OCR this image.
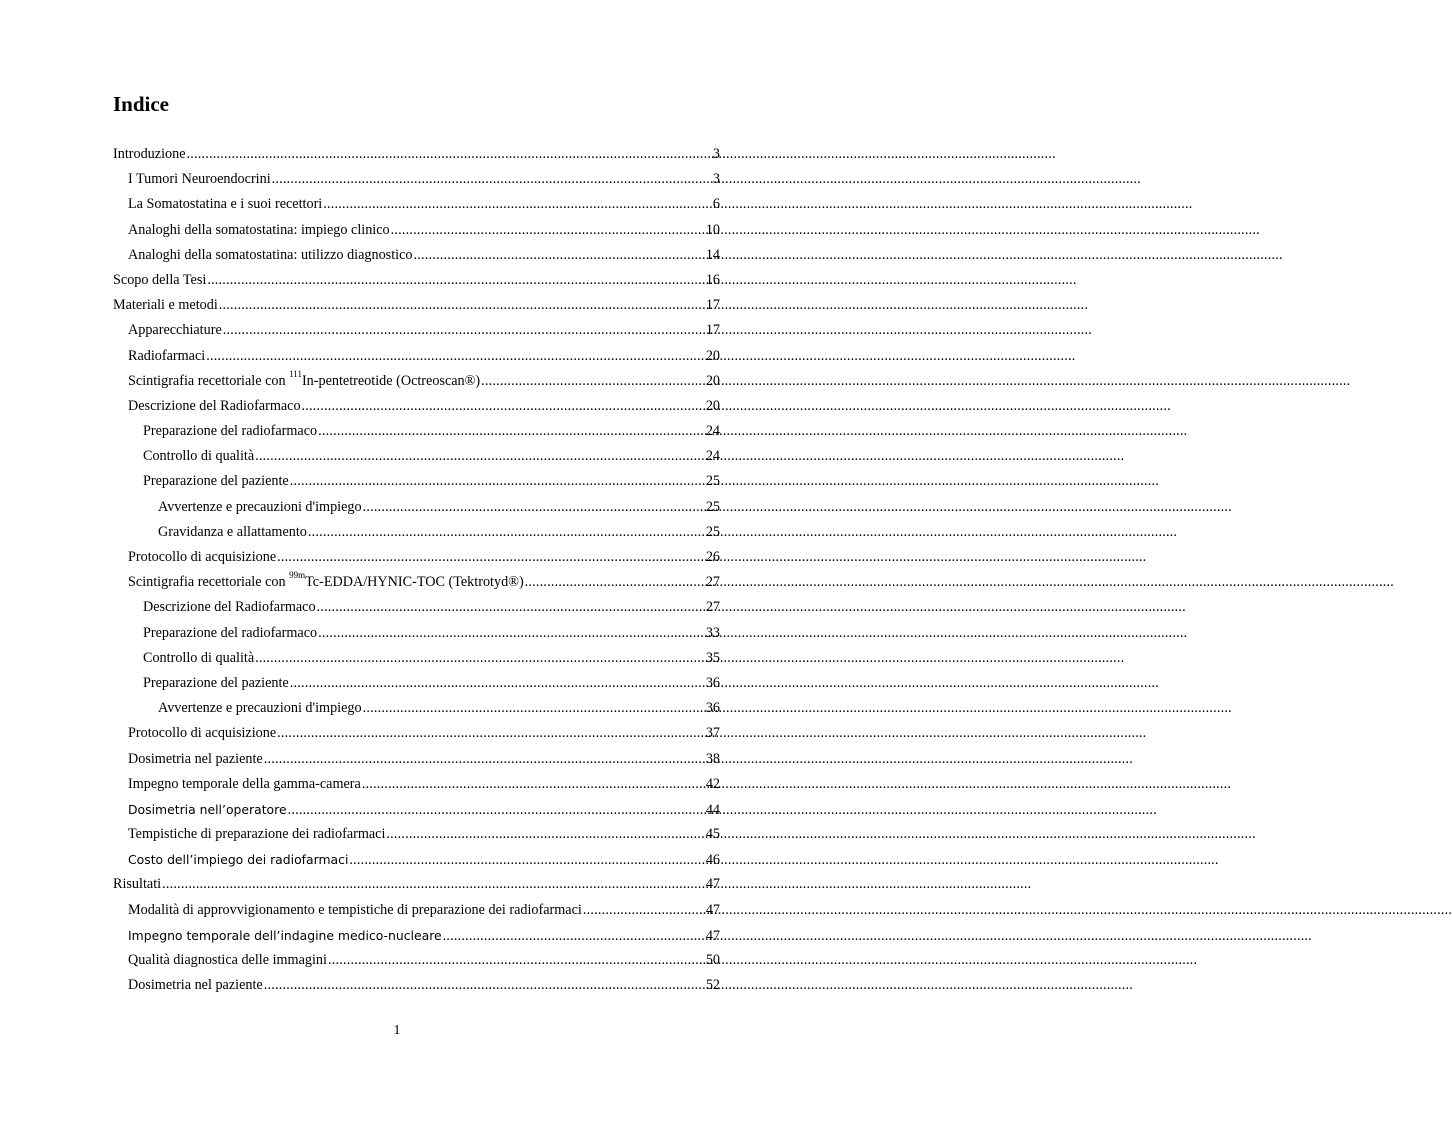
Indice
Introduzione .....	3
I Tumori Neuroendocrini .....	3
La Somatostatina e i suoi recettori .....	6
Analoghi della somatostatina: impiego clinico .....	10
Analoghi della somatostatina: utilizzo diagnostico .....	14
Scopo della Tesi .....	16
Materiali e metodi .....	17
Apparecchiature .....	17
Radiofarmaci .....	20
Scintigrafia recettoriale con $^{111}$In-pentetreotide (Octreoscan®) .....	20
Descrizione del Radiofarmaco .....	20
Preparazione del radiofarmaco .....	24
Controllo di qualità .....	24
Preparazione del paziente .....	25
Avvertenze e precauzioni d'impiego .....	25
Gravidanza e allattamento .....	25
Protocollo di acquisizione .....	26
Scintigrafia recettoriale con $^{99m}$Tc-EDDA/HYNIC-TOC (Tektrotyd®) .....	27
Descrizione del Radiofarmaco .....	27
Preparazione del radiofarmaco .....	33
Controllo di qualità .....	35
Preparazione del paziente .....	36
Avvertenze e precauzioni d'impiego .....	36
Protocollo di acquisizione .....	37
Dosimetria nel paziente .....	38
Impegno temporale della gamma-camera .....	42
Dosimetria nell’operatore .....	44
Tempistiche di preparazione dei radiofarmaci .....	45
Costo dell’impiego dei radiofarmaci .....	46
Risultati .....	47
Modalità di approvvigionamento e tempistiche di preparazione dei radiofarmaci .....	47
Impegno temporale dell’indagine medico-nucleare .....	47
Qualità diagnostica delle immagini .....	50
Dosimetria nel paziente .....	52
1
